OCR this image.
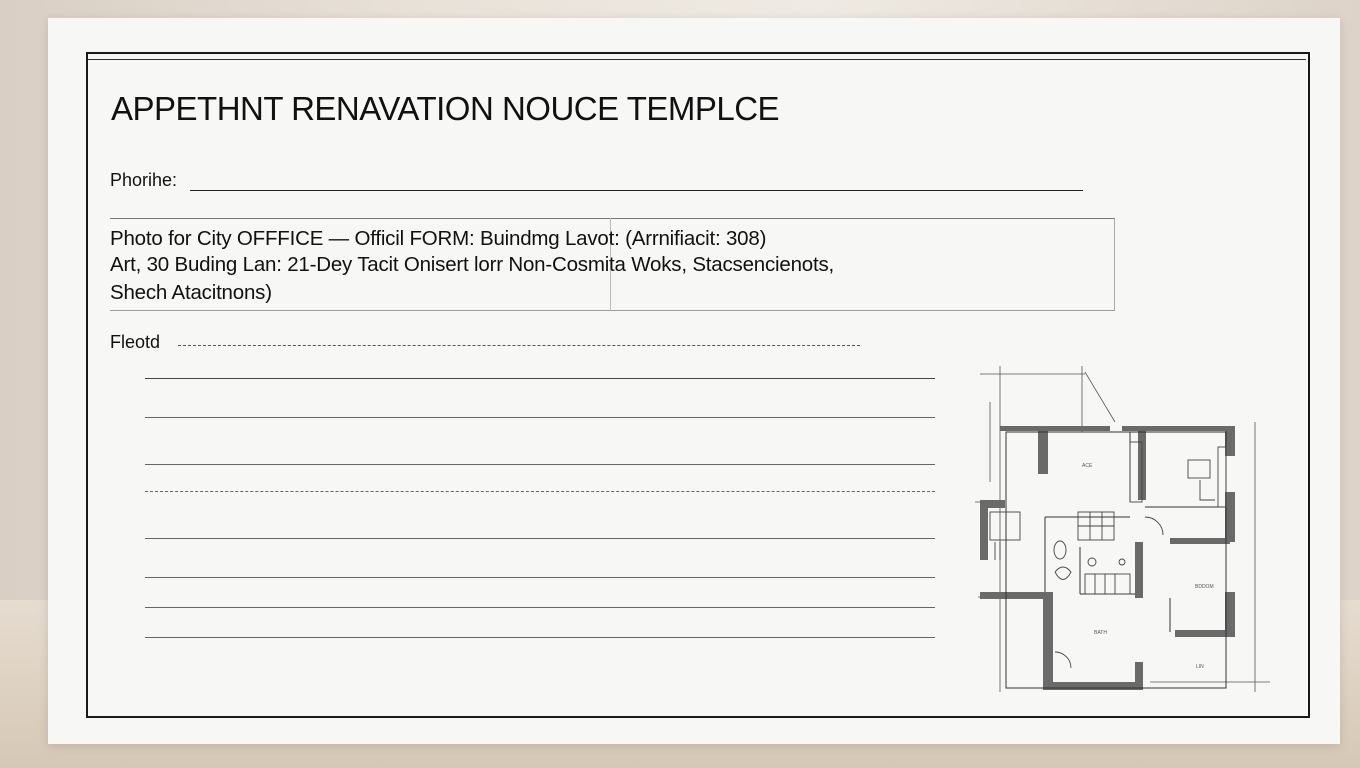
APPETHNT RENAVATION NOUCE TEMPLCE
Phorihe:
Photo for City OFFFICE — Officil FORM: Buindmg Lavot: (Arrnifiacit: 308)
Art, 30 Buding Lan: 21-Dey Tacit Onisert lorr Non-Cosmita Woks, Stacsencienots,
Shech Atacitnons)
Fleotd
ACE
BDDOM
BATH
LIN
